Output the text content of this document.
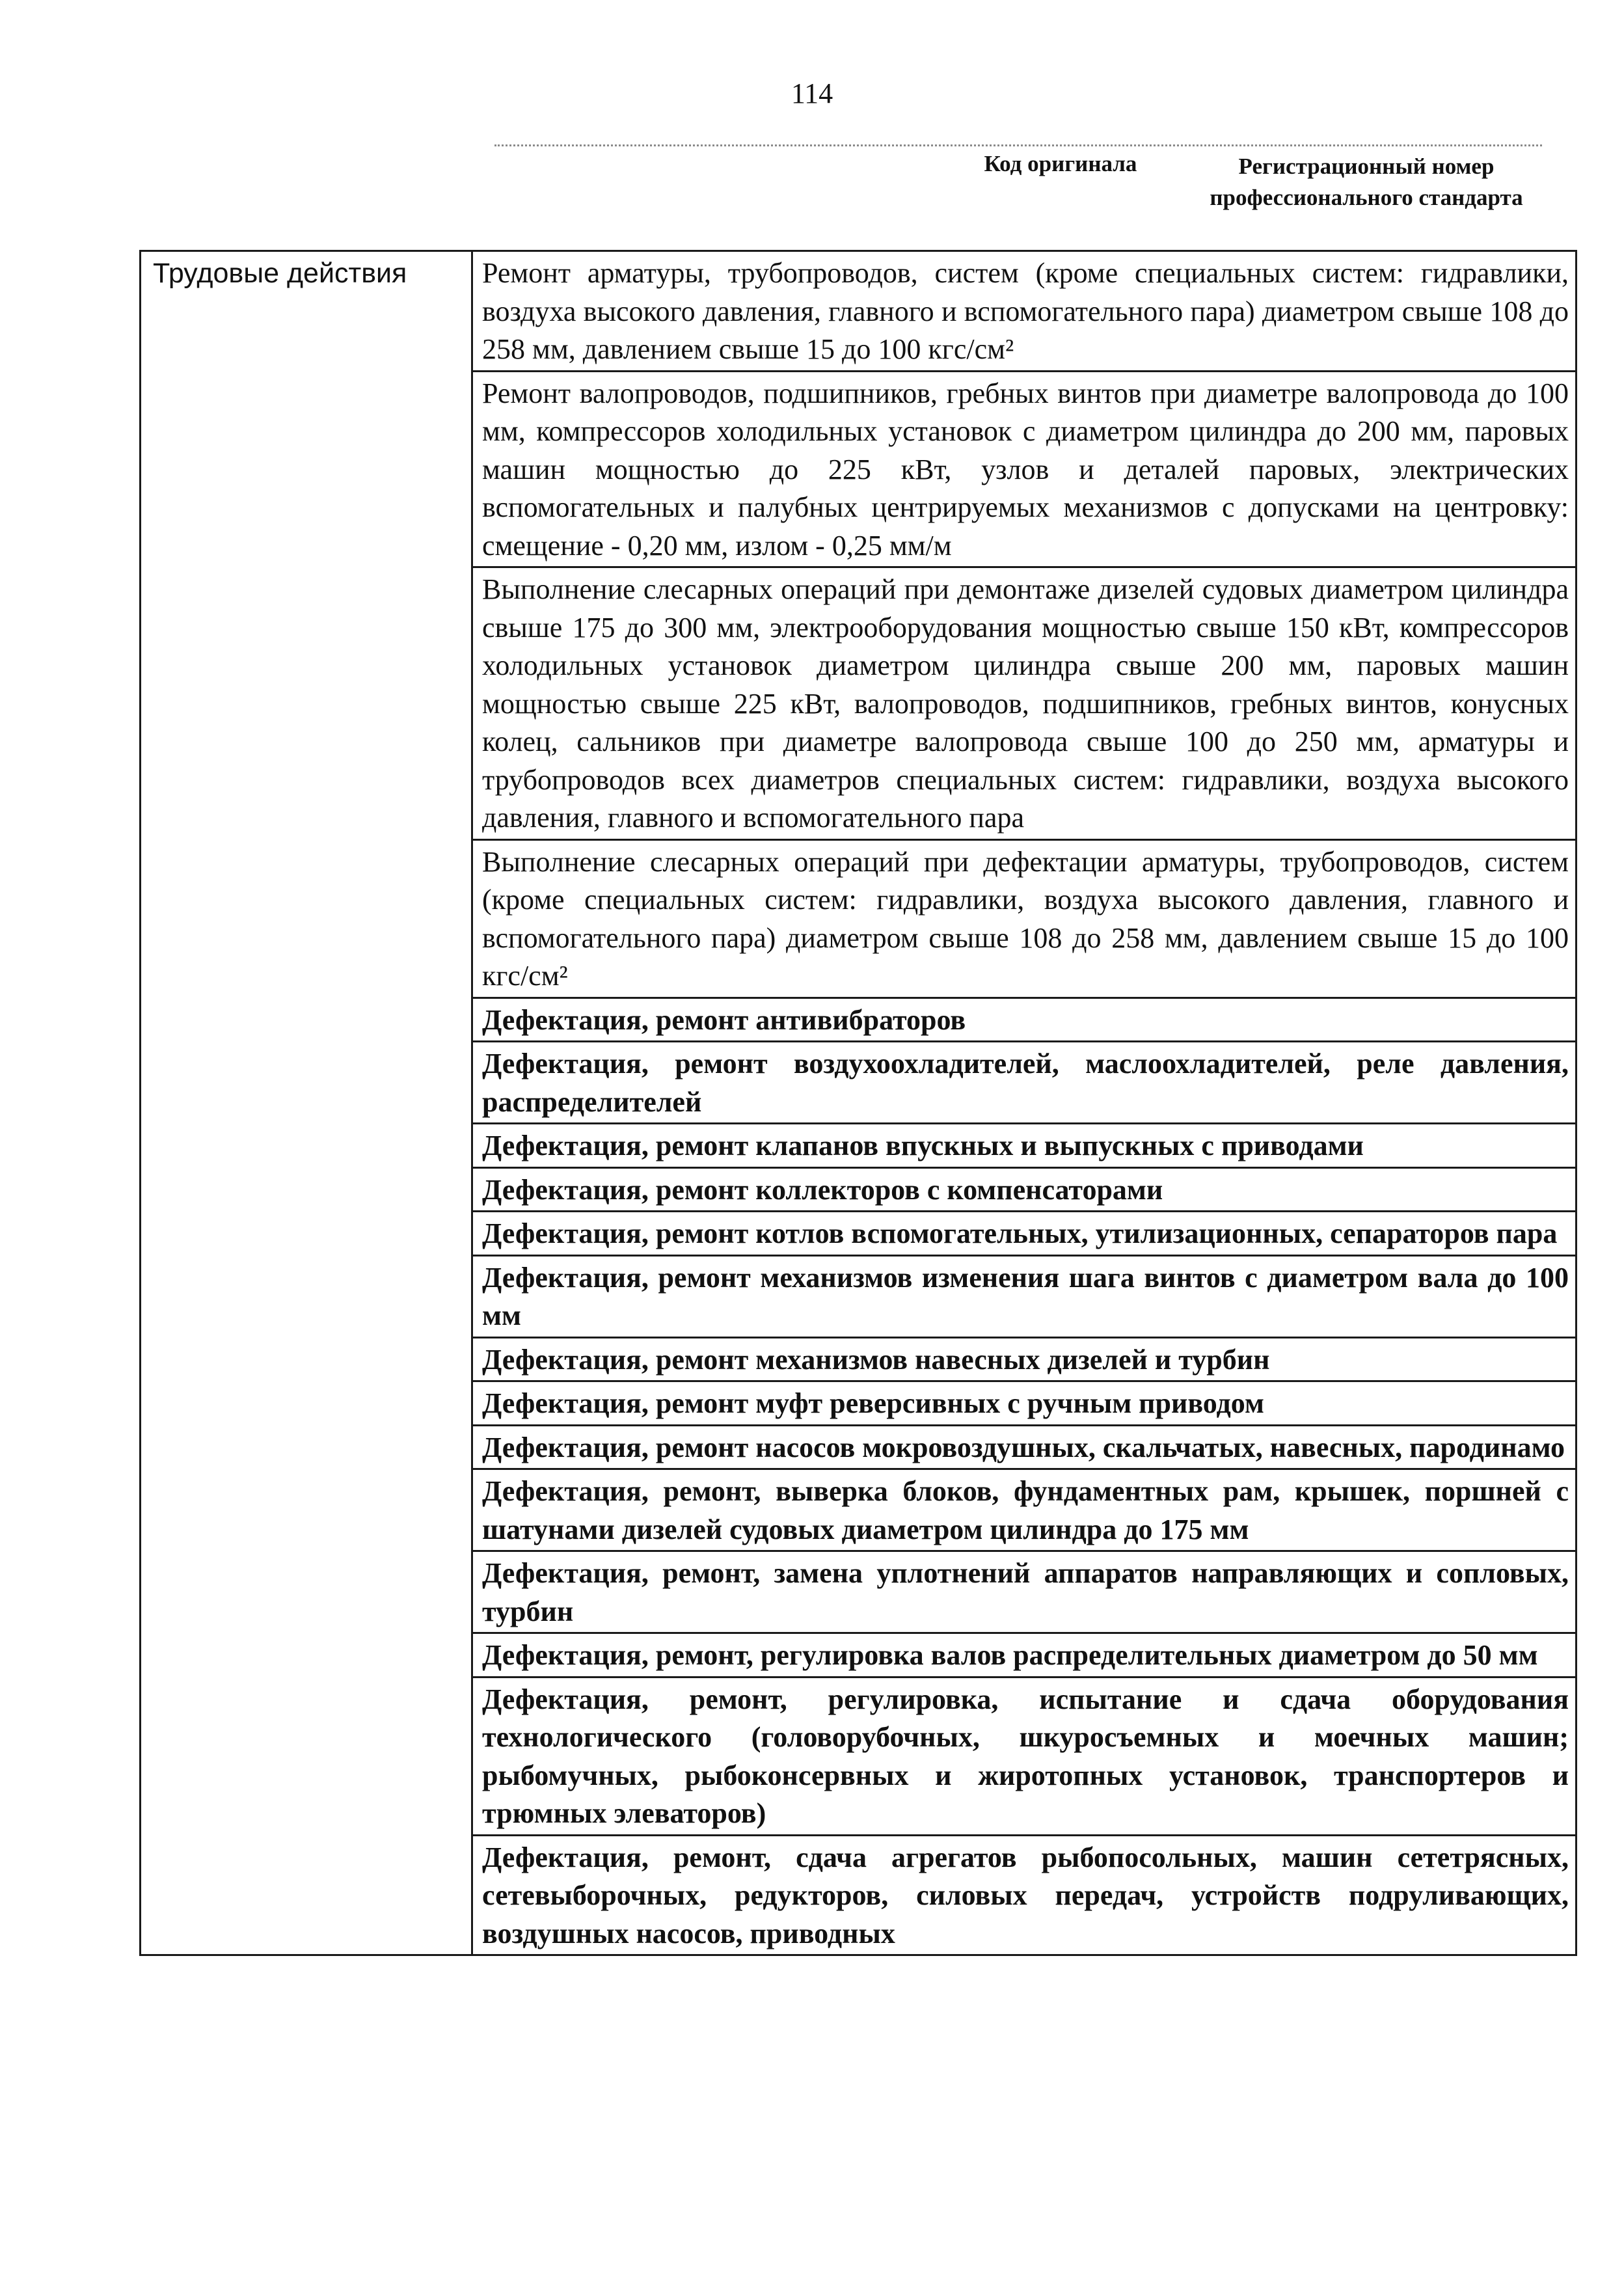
114
Код оригинала	Регистрационный номер профессионального стандарта
Трудовые действия	Ремонт арматуры, трубопроводов, систем (кроме специальных систем: гидравлики, воздуха высокого давления, главного и вспомогательного пара) диаметром свыше 108 до 258 мм, давлением свыше 15 до 100 кгс/см²
Ремонт валопроводов, подшипников, гребных винтов при диаметре валопровода до 100 мм, компрессоров холодильных установок с диаметром цилиндра до 200 мм, паровых машин мощностью до 225 кВт, узлов и деталей паровых, электрических вспомогательных и палубных центрируемых механизмов с допусками на центровку: смещение - 0,20 мм, излом - 0,25 мм/м
Выполнение слесарных операций при демонтаже дизелей судовых диаметром цилиндра свыше 175 до 300 мм, электрооборудования мощностью свыше 150 кВт, компрессоров холодильных установок диаметром цилиндра свыше 200 мм, паровых машин мощностью свыше 225 кВт, валопроводов, подшипников, гребных винтов, конусных колец, сальников при диаметре валопровода свыше 100 до 250 мм, арматуры и трубопроводов всех диаметров специальных систем: гидравлики, воздуха высокого давления, главного и вспомогательного пара
Выполнение слесарных операций при дефектации арматуры, трубопроводов, систем (кроме специальных систем: гидравлики, воздуха высокого давления, главного и вспомогательного пара) диаметром свыше 108 до 258 мм, давлением свыше 15 до 100 кгс/см²
Дефектация, ремонт антивибраторов
Дефектация, ремонт воздухоохладителей, маслоохладителей, реле давления, распределителей
Дефектация, ремонт клапанов впускных и выпускных с приводами
Дефектация, ремонт коллекторов с компенсаторами
Дефектация, ремонт котлов вспомогательных, утилизационных, сепараторов пара
Дефектация, ремонт механизмов изменения шага винтов с диаметром вала до 100 мм
Дефектация, ремонт механизмов навесных дизелей и турбин
Дефектация, ремонт муфт реверсивных с ручным приводом
Дефектация, ремонт насосов мокровоздушных, скальчатых, навесных, пародинамо
Дефектация, ремонт, выверка блоков, фундаментных рам, крышек, поршней с шатунами дизелей судовых диаметром цилиндра до 175 мм
Дефектация, ремонт, замена уплотнений аппаратов направляющих и сопловых, турбин
Дефектация, ремонт, регулировка валов распределительных диаметром до 50 мм
Дефектация, ремонт, регулировка, испытание и сдача оборудования технологического (головорубочных, шкуросъемных и моечных машин; рыбомучных, рыбоконсервных и жиротопных установок, транспортеров и трюмных элеваторов)
Дефектация, ремонт, сдача агрегатов рыбопосольных, машин сететрясных, сетевыборочных, редукторов, силовых передач, устройств подруливающих, воздушных насосов, приводных
